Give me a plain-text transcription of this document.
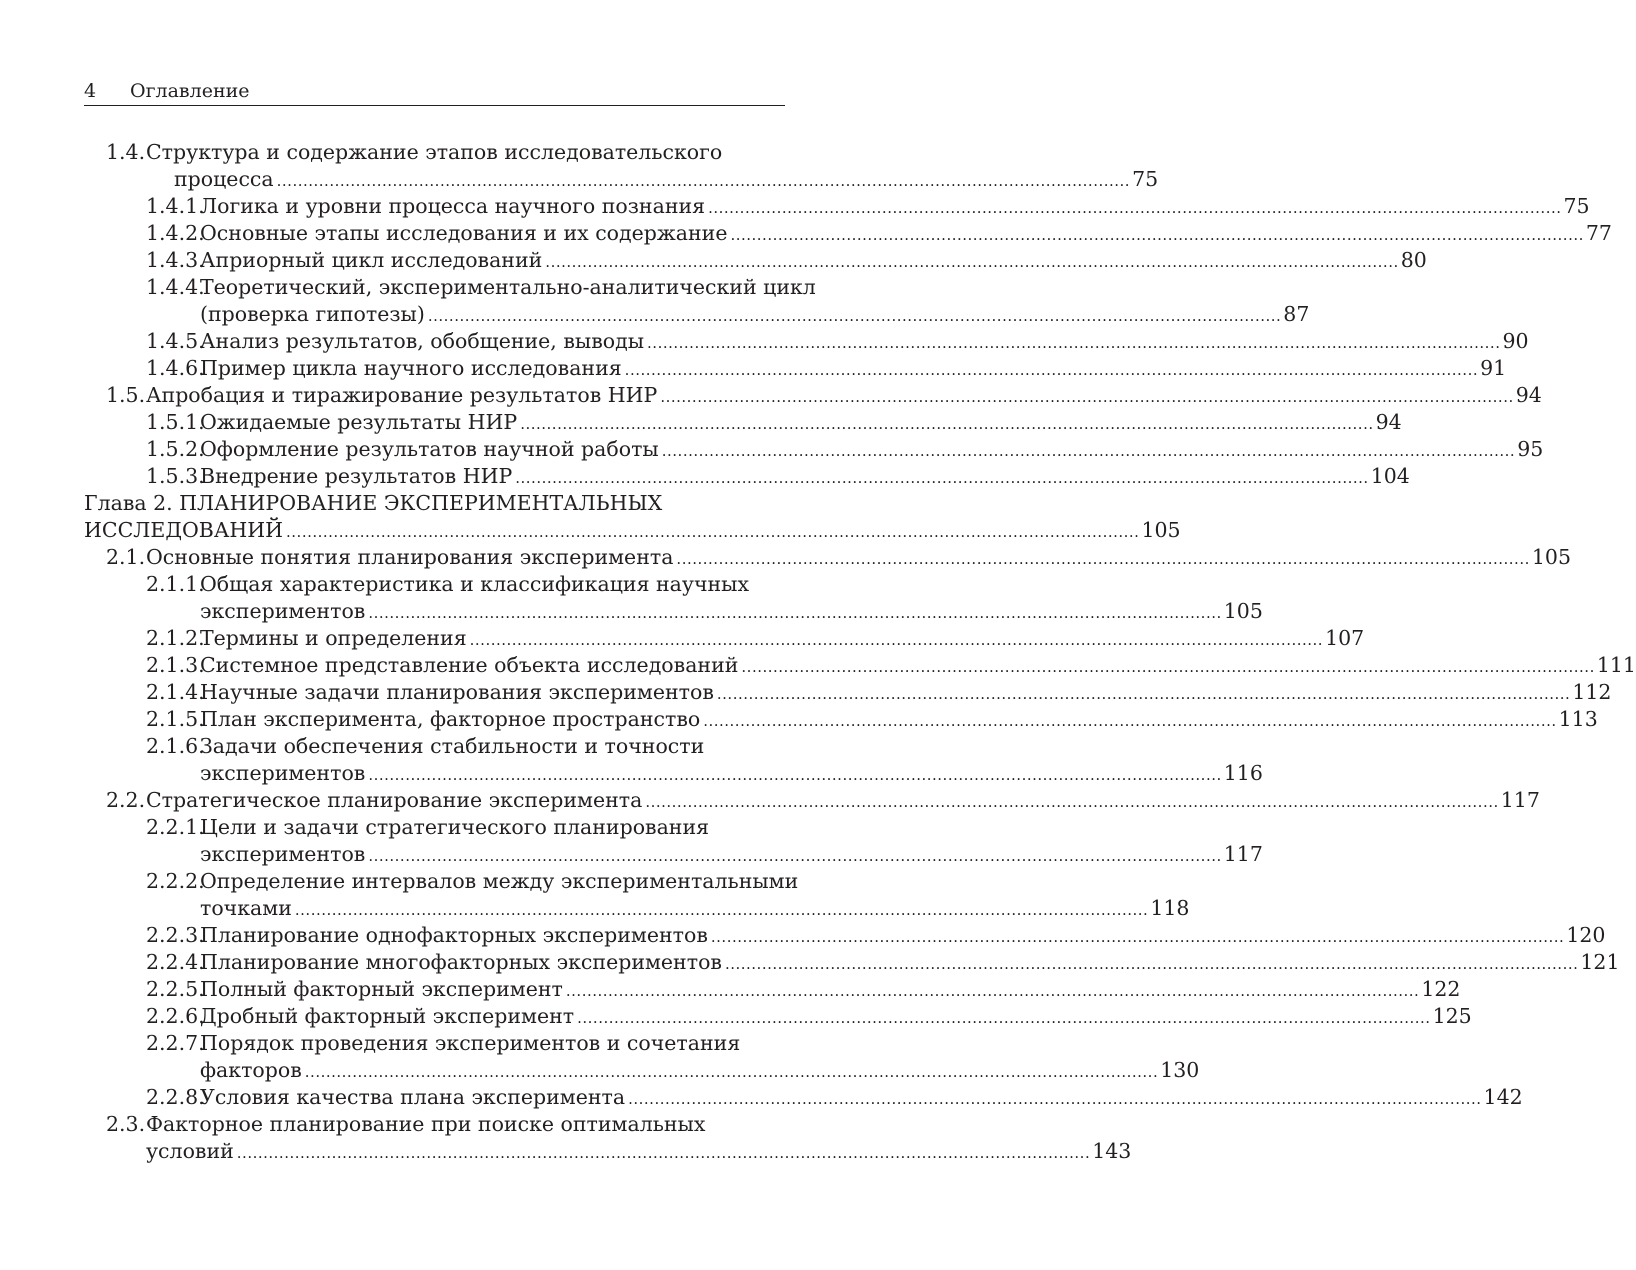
4 Оглавление
1.4. Структура и содержание этапов исследовательского
процесса .................................................................................................................................................................. 75
1.4.1.
Логика и уровни процесса научного познания .................................................................................................................................................................. 75
1.4.2.
Основные этапы исследования и их содержание .................................................................................................................................................................. 77
1.4.3.
Априорный цикл исследований .................................................................................................................................................................. 80
1.4.4.
Теоретический, экспериментально-аналитический цикл
(проверка гипотезы) .................................................................................................................................................................. 87
1.4.5.
Анализ результатов, обобщение, выводы .................................................................................................................................................................. 90
1.4.6.
Пример цикла научного исследования .................................................................................................................................................................. 91
1.5. Апробация и тиражирование результатов НИР .................................................................................................................................................................. 94
1.5.1.
Ожидаемые результаты НИР .................................................................................................................................................................. 94
1.5.2.
Оформление результатов научной работы .................................................................................................................................................................. 95
1.5.3.
Внедрение результатов НИР .................................................................................................................................................................. 104
Глава 2. ПЛАНИРОВАНИЕ ЭКСПЕРИМЕНТАЛЬНЫХ
ИССЛЕДОВАНИЙ .................................................................................................................................................................. 105
2.1. Основные понятия планирования эксперимента .................................................................................................................................................................. 105
2.1.1.
Общая характеристика и классификация научных
экспериментов .................................................................................................................................................................. 105
2.1.2.
Термины и определения .................................................................................................................................................................. 107
2.1.3.
Системное представление объекта исследований .................................................................................................................................................................. 111
2.1.4.
Научные задачи планирования экспериментов .................................................................................................................................................................. 112
2.1.5.
План эксперимента, факторное пространство .................................................................................................................................................................. 113
2.1.6.
Задачи обеспечения стабильности и точности
экспериментов .................................................................................................................................................................. 116
2.2. Стратегическое планирование эксперимента .................................................................................................................................................................. 117
2.2.1.
Цели и задачи стратегического планирования
экспериментов .................................................................................................................................................................. 117
2.2.2.
Определение интервалов между экспериментальными
точками .................................................................................................................................................................. 118
2.2.3.
Планирование однофакторных экспериментов .................................................................................................................................................................. 120
2.2.4.
Планирование многофакторных экспериментов .................................................................................................................................................................. 121
2.2.5.
Полный факторный эксперимент .................................................................................................................................................................. 122
2.2.6.
Дробный факторный эксперимент .................................................................................................................................................................. 125
2.2.7.
Порядок проведения экспериментов и сочетания
факторов .................................................................................................................................................................. 130
2.2.8.
Условия качества плана эксперимента .................................................................................................................................................................. 142
2.3. Факторное планирование при поиске оптимальных
условий .................................................................................................................................................................. 143
